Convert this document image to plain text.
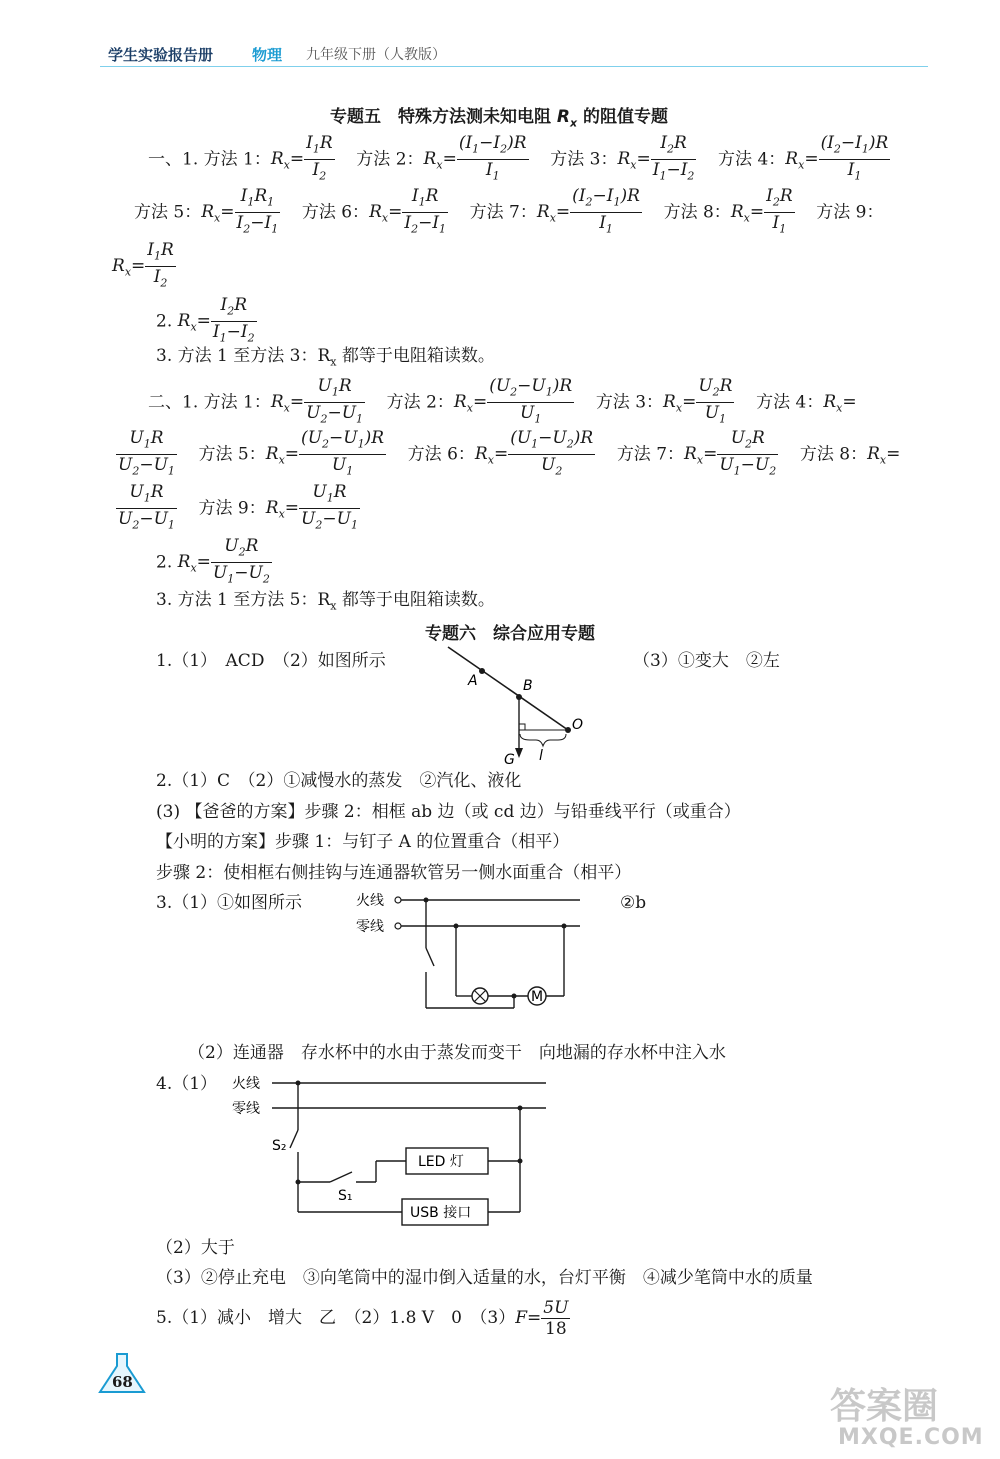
学生实验报告册	物理 九年级下册（人教版）
专题五　特殊方法测未知电阻 $R_x$ 的阻值专题
一、1. 方法 1：$R_x= \frac{I_1R}{I_2}$ 方法 2：$R_x= \frac{(I_1-I_2)R}{I_1}$ 方法 3：$R_x= \frac{I_2R}{I_1-I_2}$ 方法 4：$R_x= \frac{(I_2-I_1)R}{I_1}$
方法 5：$R_x= \frac{I_1R_1}{I_2-I_1}$ 方法 6：$R_x= \frac{I_1R}{I_2-I_1}$ 方法 7：$R_x= \frac{(I_2-I_1)R}{I_1}$ 方法 8：$R_x= \frac{I_2R}{I_1}$ 方法 9：
$R_x= \frac{I_1R}{I_2}$
2. $R_x= \frac{I_2R}{I_1-I_2}$
3. 方法 1 至方法 3：$R_x$ 都等于电阻箱读数。
二、1. 方法 1：$R_x= \frac{U_1R}{U_2-U_1}$ 方法 2：$R_x= \frac{(U_2-U_1)R}{U_1}$ 方法 3：$R_x= \frac{U_2R}{U_1}$ 方法 4：$R_x=$
$\frac{U_1R}{U_2-U_1}$ 方法 5：$R_x= \frac{(U_2-U_1)R}{U_1}$ 方法 6：$R_x= \frac{(U_1-U_2)R}{U_2}$ 方法 7：$R_x= \frac{U_2R}{U_1-U_2}$ 方法 8：$R_x=$
$\frac{U_1R}{U_2-U_1}$ 方法 9：$R_x= \frac{U_1R}{U_2-U_1}$
2. $R_x= \frac{U_2R}{U_1-U_2}$
3. 方法 1 至方法 5：$R_x$ 都等于电阻箱读数。
专题六　综合应用专题
1.（1）　ACD　（2）如图所示	（3）①变大　②左
A	B
O
G l
2.（1）C　（2）①减慢水的蒸发　②汽化、液化
(3) 【爸爸的方案】步骤 2：相框 ab 边（或 cd 边）与铅垂线平行（或重合）
【小明的方案】步骤 1：与钉子 A 的位置重合（相平）
步骤 2：使相框右侧挂钩与连通器软管另一侧水面重合（相平）
3.（1）①如图所示	②b
火线
零线
M
（2）连通器　存水杯中的水由于蒸发而变干　向地漏的存水杯中注入水
4.（1） 火线
零线
S₂
S₁
LED 灯
USB 接口
（2）大于
（3）②停止充电　③向笔筒中的湿巾倒入适量的水，台灯平衡　④减少笔筒中水的质量
5.（1）减小　增大　乙　（2）1.8 V　0　$(3)F= \frac{5U}{18}$
68
答案圈
MXQE.COM
